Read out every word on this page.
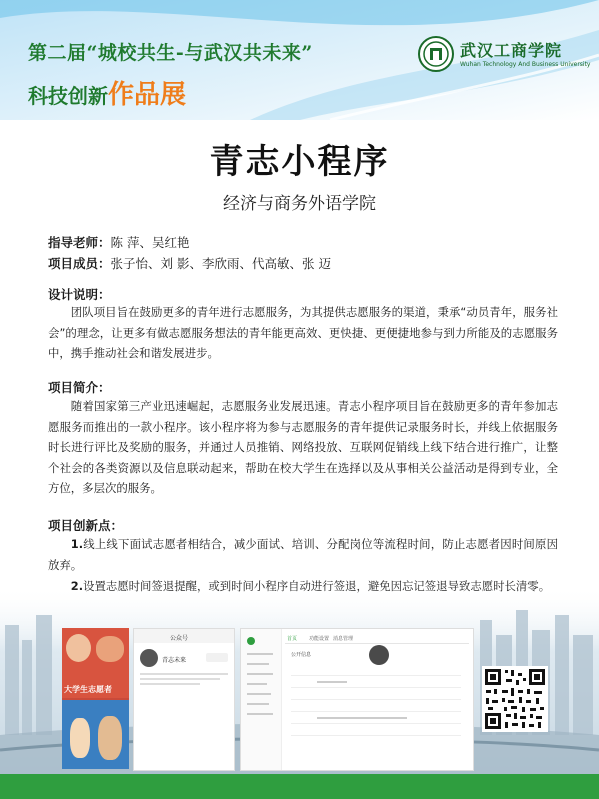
第二届“城校共生-与武汉共未来”
科技创新作品展
武汉工商学院
Wuhan Technology And Business University
青志小程序
经济与商务外语学院
指导老师：陈 萍、吴红艳
项目成员：张子怡、刘 影、李欣雨、代高敏、张 迈
设计说明：
团队项目旨在鼓励更多的青年进行志愿服务，为其提供志愿服务的渠道，秉承“动员青年，服务社会”的理念，让更多有做志愿服务想法的青年能更高效、更快捷、更便捷地参与到力所能及的志愿服务中，携手推动社会和谐发展进步。
项目简介：
随着国家第三产业迅速崛起，志愿服务业发展迅速。青志小程序项目旨在鼓励更多的青年参加志愿服务而推出的一款小程序。该小程序将为参与志愿服务的青年提供记录服务时长，并线上依据服务时长进行评比及奖励的服务，并通过人员推销、网络投放、互联网促销线上线下结合进行推广，让整个社会的各类资源以及信息联动起来，帮助在校大学生在选择以及从事相关公益活动是得到专业，全方位，多层次的服务。
项目创新点：
1.线上线下面试志愿者相结合，减少面试、培训、分配岗位等流程时间，防止志愿者因时间原因放弃。
大学生志愿者
公众号
青志未来
首页 功能设置 消息管理
公开信息
